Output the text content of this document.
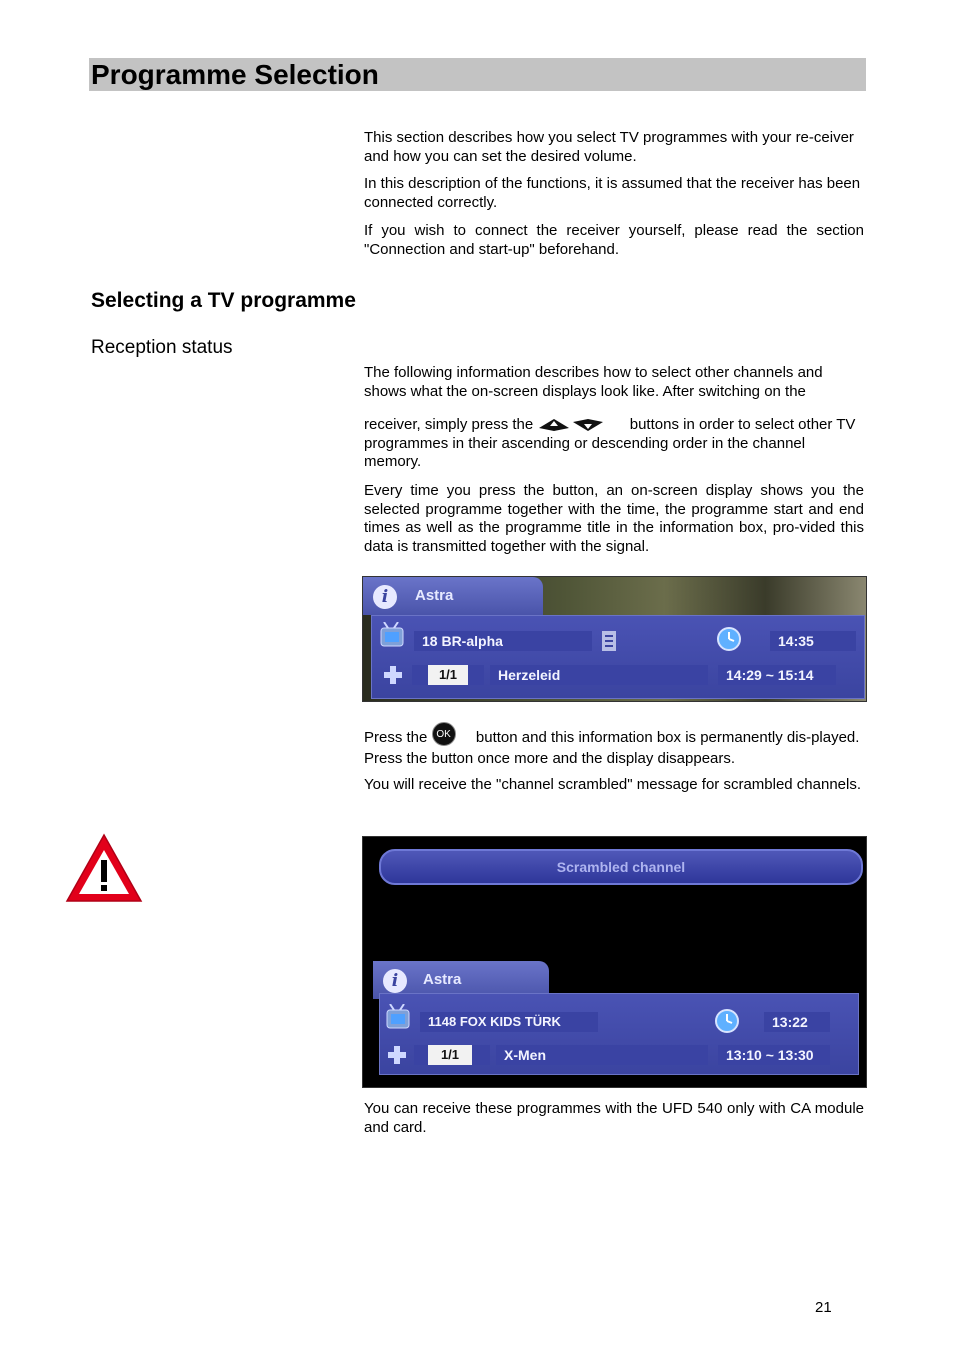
Programme Selection

This section describes how you select TV programmes with your re-ceiver and how you can set the desired volume.

In this description of the functions, it is assumed that the receiver has been connected correctly.

If you wish to connect the receiver yourself, please read the section "Connection and start-up" beforehand.

Selecting a TV programme
Reception status

The following information describes how to select other channels and shows what the on-screen displays look like. After switching on the

receiver, simply press the	buttons in order to select other TV programmes in their ascending or descending order in the channel memory.

Every time you press the button, an on-screen display shows you the selected programme together with the time, the programme start and end times as well as the programme title in the information box, pro-vided this data is transmitted together with the signal.

i	Astra
18 BR-alpha	14:35
1/1	Herzeleid	14:29 ~ 15:14

Press the OK button and this information box is permanently dis-played. Press the button once more and the display disappears.

You will receive the "channel scrambled" message for scrambled channels.

Scrambled channel
i	Astra
1148 FOX KIDS TÜRK	13:22
1/1	X-Men	13:10 ~ 13:30

You can receive these programmes with the UFD 540 only with CA module and card.

21
